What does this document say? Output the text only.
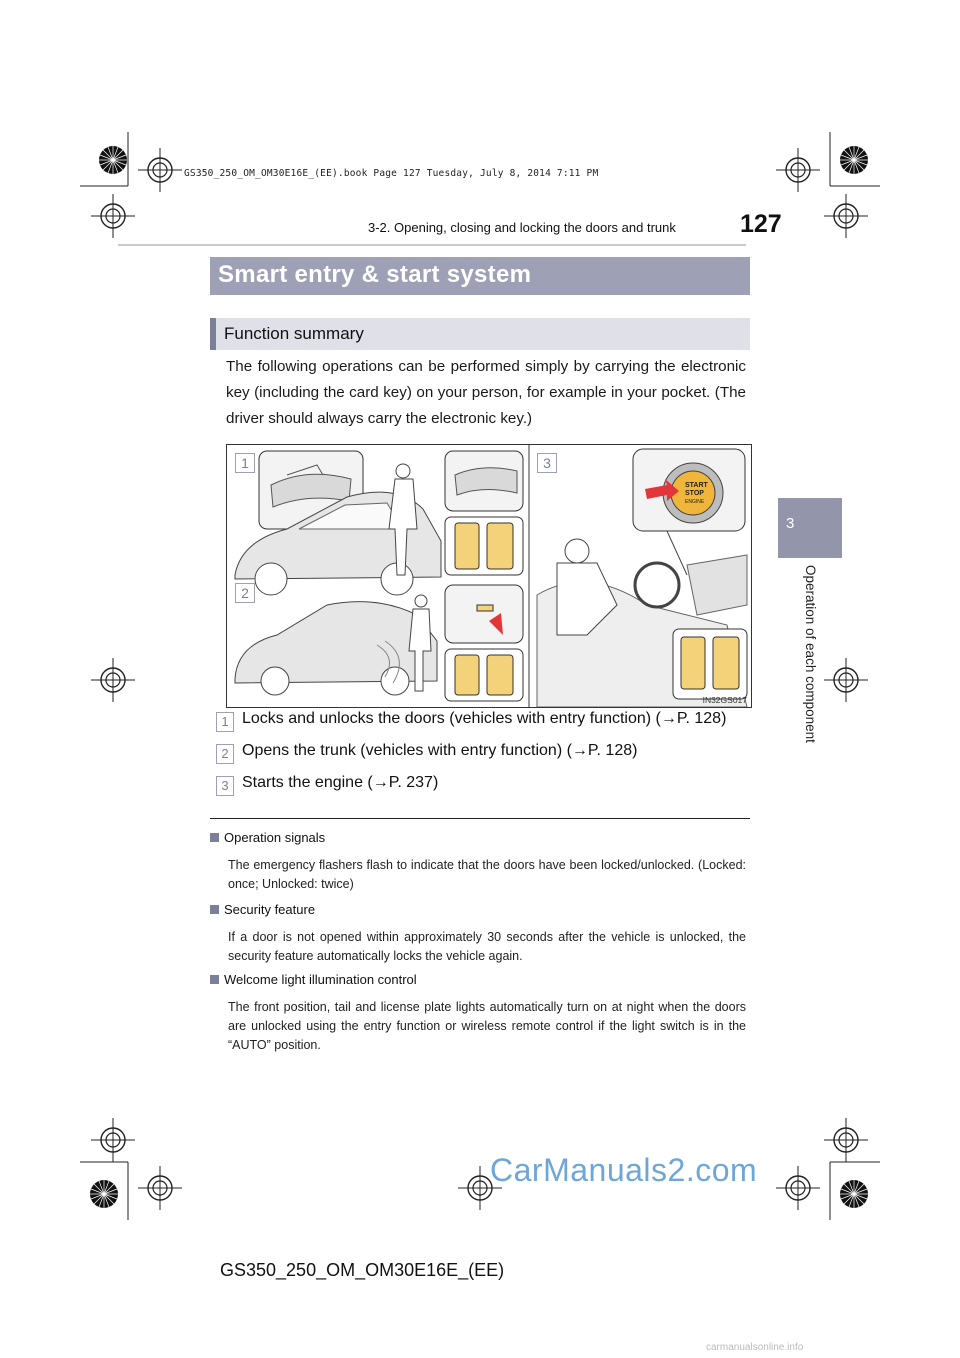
GS350_250_OM_OM30E16E_(EE).book Page 127 Tuesday, July 8, 2014 7:11 PM
3-2. Opening, closing and locking the doors and trunk	127
3
Operation of each component
Smart entry & start system
Function summary
The following operations can be performed simply by carrying the electronic key (including the card key) on your person, for example in your pocket. (The driver should always carry the electronic key.)
START
STOP
ENGINE
1
2
3
IN32GS017
1 Locks and unlocks the doors (vehicles with entry function) (→P. 128)
2 Opens the trunk (vehicles with entry function) (→P. 128)
3 Starts the engine (→P. 237)
Operation signals
The emergency flashers flash to indicate that the doors have been locked/unlocked. (Locked: once; Unlocked: twice)
Security feature
If a door is not opened within approximately 30 seconds after the vehicle is unlocked, the security feature automatically locks the vehicle again.
Welcome light illumination control
The front position, tail and license plate lights automatically turn on at night when the doors are unlocked using the entry function or wireless remote control if the light switch is in the “AUTO” position.
CarManuals2.com
GS350_250_OM_OM30E16E_(EE)
carmanualsonline.info
